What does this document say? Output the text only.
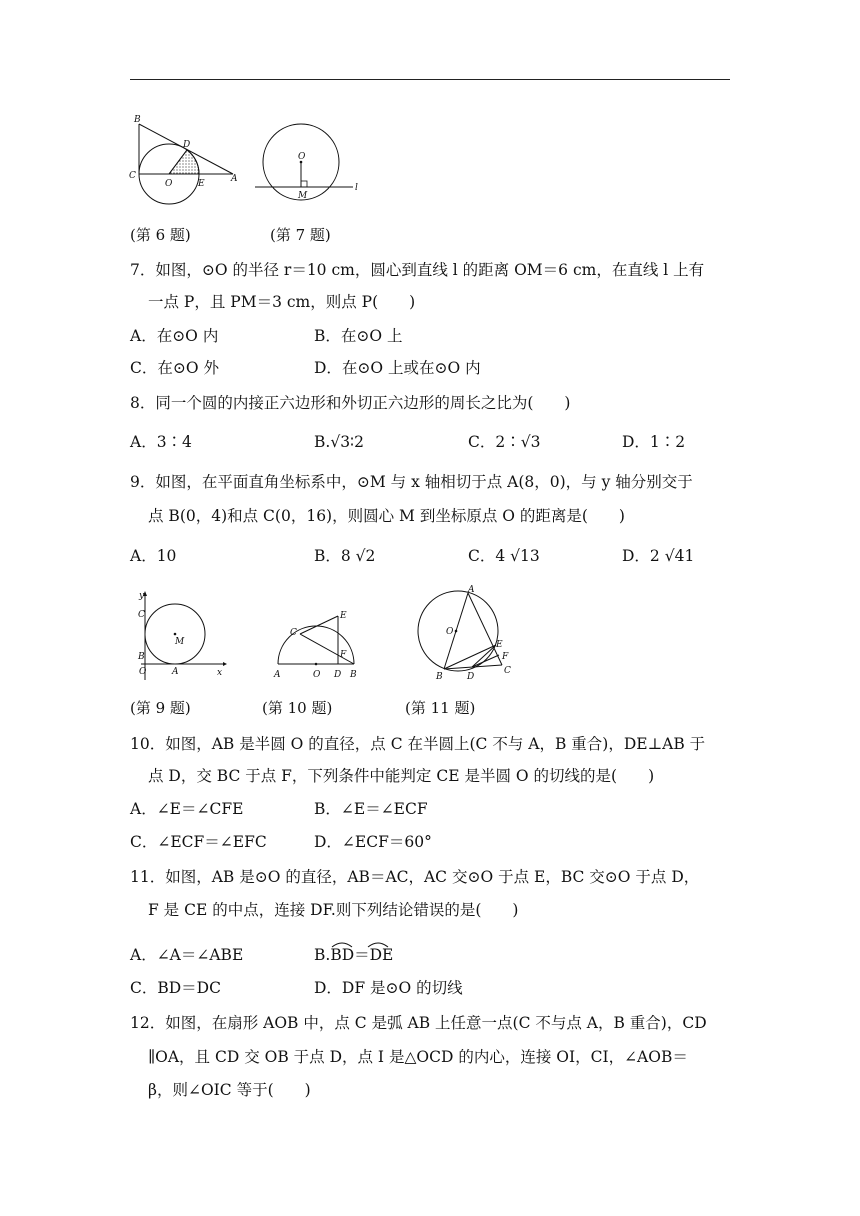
B
D
C
O	E	A
O
M
l
(第 6 题)	(第 7 题)
7．如图，⊙O 的半径 r＝10 cm，圆心到直线 l 的距离 OM＝6 cm，在直线 l 上有
一点 P，且 PM＝3 cm，则点 P(　　)
A．在⊙O 内	B．在⊙O 上
C．在⊙O 外	D．在⊙O 上或在⊙O 内
8．同一个圆的内接正六边形和外切正六边形的周长之比为(　　)
A．3∶4	B.√3∶2	C．2∶√3	D．1∶2
9．如图，在平面直角坐标系中，⊙M 与 x 轴相切于点 A(8，0)，与 y 轴分别交于
点 B(0，4)和点 C(0，16)，则圆心 M 到坐标原点 O 的距离是(　　)
A．10	B．8 √2	C．4 √13	D．2 √41
y
C
M
B
O	A	x
E
C
F
A	O D B
A
O
E
F
B	D
C
(第 9 题)	(第 10 题)	(第 11 题)
10．如图，AB 是半圆 O 的直径，点 C 在半圆上(C 不与 A，B 重合)，DE⊥AB 于
点 D，交 BC 于点 F，下列条件中能判定 CE 是半圆 O 的切线的是(　　)
A．∠E＝∠CFE	B．∠E＝∠ECF
C．∠ECF＝∠EFC	D．∠ECF＝60°
11．如图，AB 是⊙O 的直径，AB＝AC，AC 交⊙O 于点 E，BC 交⊙O 于点 D，
F 是 CE 的中点，连接 DF.则下列结论错误的是(　　)
A．∠A＝∠ABE	B.BD＝DE
C．BD＝DC	D．DF 是⊙O 的切线
12．如图，在扇形 AOB 中，点 C 是弧 AB 上任意一点(C 不与点 A，B 重合)，CD
∥OA，且 CD 交 OB 于点 D，点 I 是△OCD 的内心，连接 OI，CI，∠AOB＝
β，则∠OIC 等于(　　)
